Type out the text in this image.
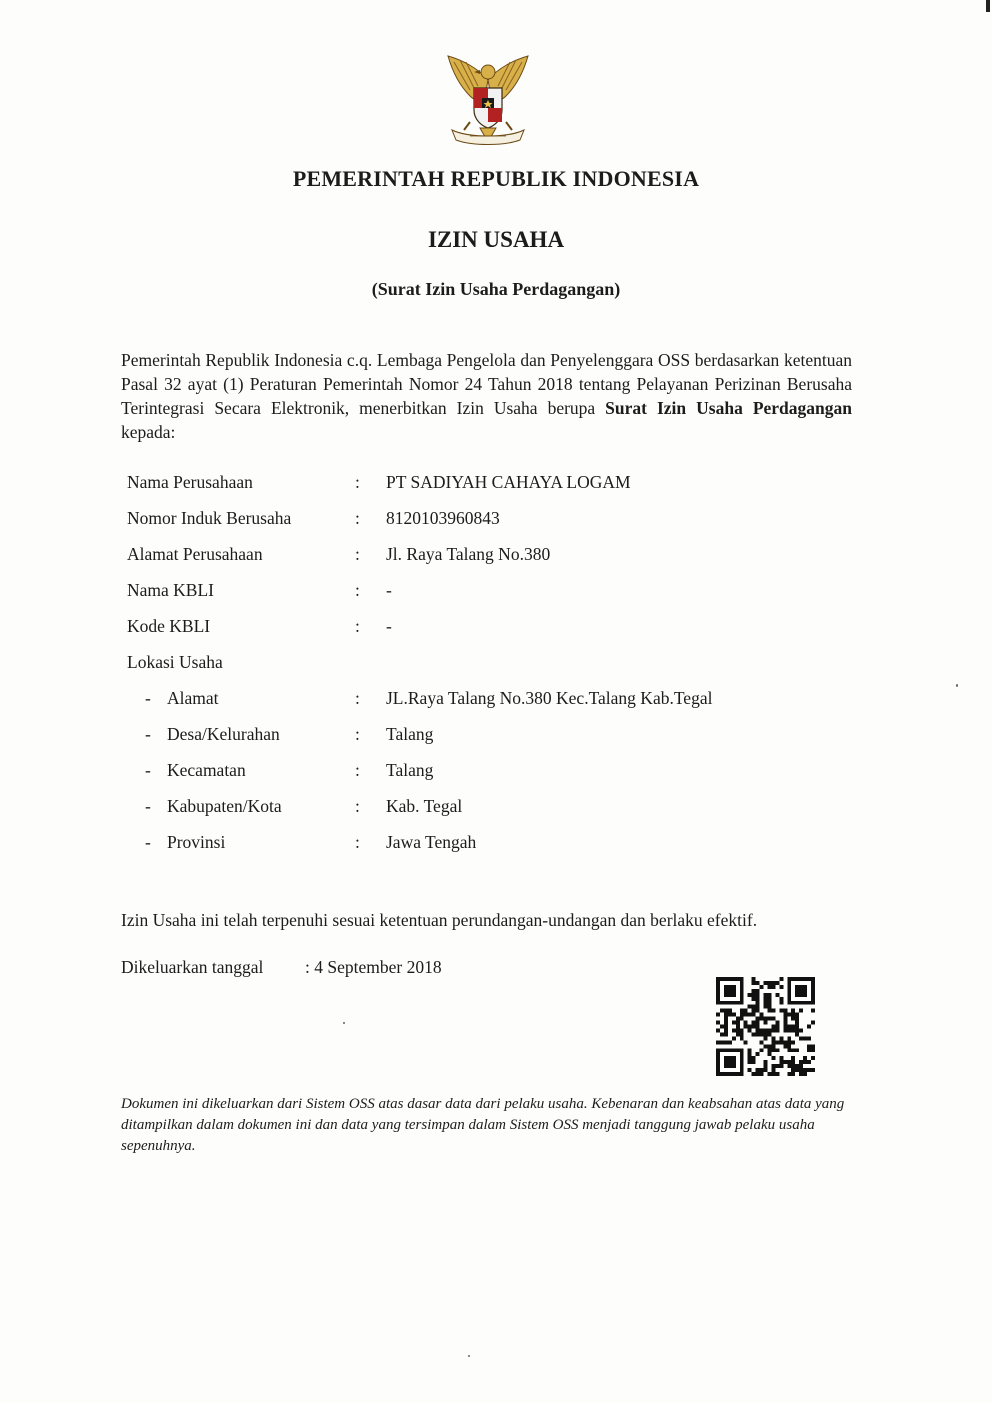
PEMERINTAH REPUBLIK INDONESIA
IZIN USAHA
(Surat Izin Usaha Perdagangan)
Pemerintah Republik Indonesia c.q. Lembaga Pengelola dan Penyelenggara OSS berdasarkan ketentuan Pasal 32 ayat (1) Peraturan Pemerintah Nomor 24 Tahun 2018 tentang Pelayanan Perizinan Berusaha Terintegrasi Secara Elektronik, menerbitkan Izin Usaha berupa Surat Izin Usaha Perdagangan kepada:
Nama Perusahaan	: PT SADIYAH CAHAYA LOGAM
Nomor Induk Berusaha	: 8120103960843
Alamat Perusahaan	: Jl. Raya Talang No.380
Nama KBLI	: -
Kode KBLI	: -
Lokasi Usaha
- Alamat	: JL.Raya Talang No.380 Kec.Talang Kab.Tegal
- Desa/Kelurahan	: Talang
- Kecamatan	: Talang
- Kabupaten/Kota	: Kab. Tegal
- Provinsi	: Jawa Tengah
Izin Usaha ini telah terpenuhi sesuai ketentuan perundangan-undangan dan berlaku efektif.
Dikeluarkan tanggal : 4 September 2018
Dokumen ini dikeluarkan dari Sistem OSS atas dasar data dari pelaku usaha. Kebenaran dan keabsahan atas data yang ditampilkan dalam dokumen ini dan data yang tersimpan dalam Sistem OSS menjadi tanggung jawab pelaku usaha sepenuhnya.
